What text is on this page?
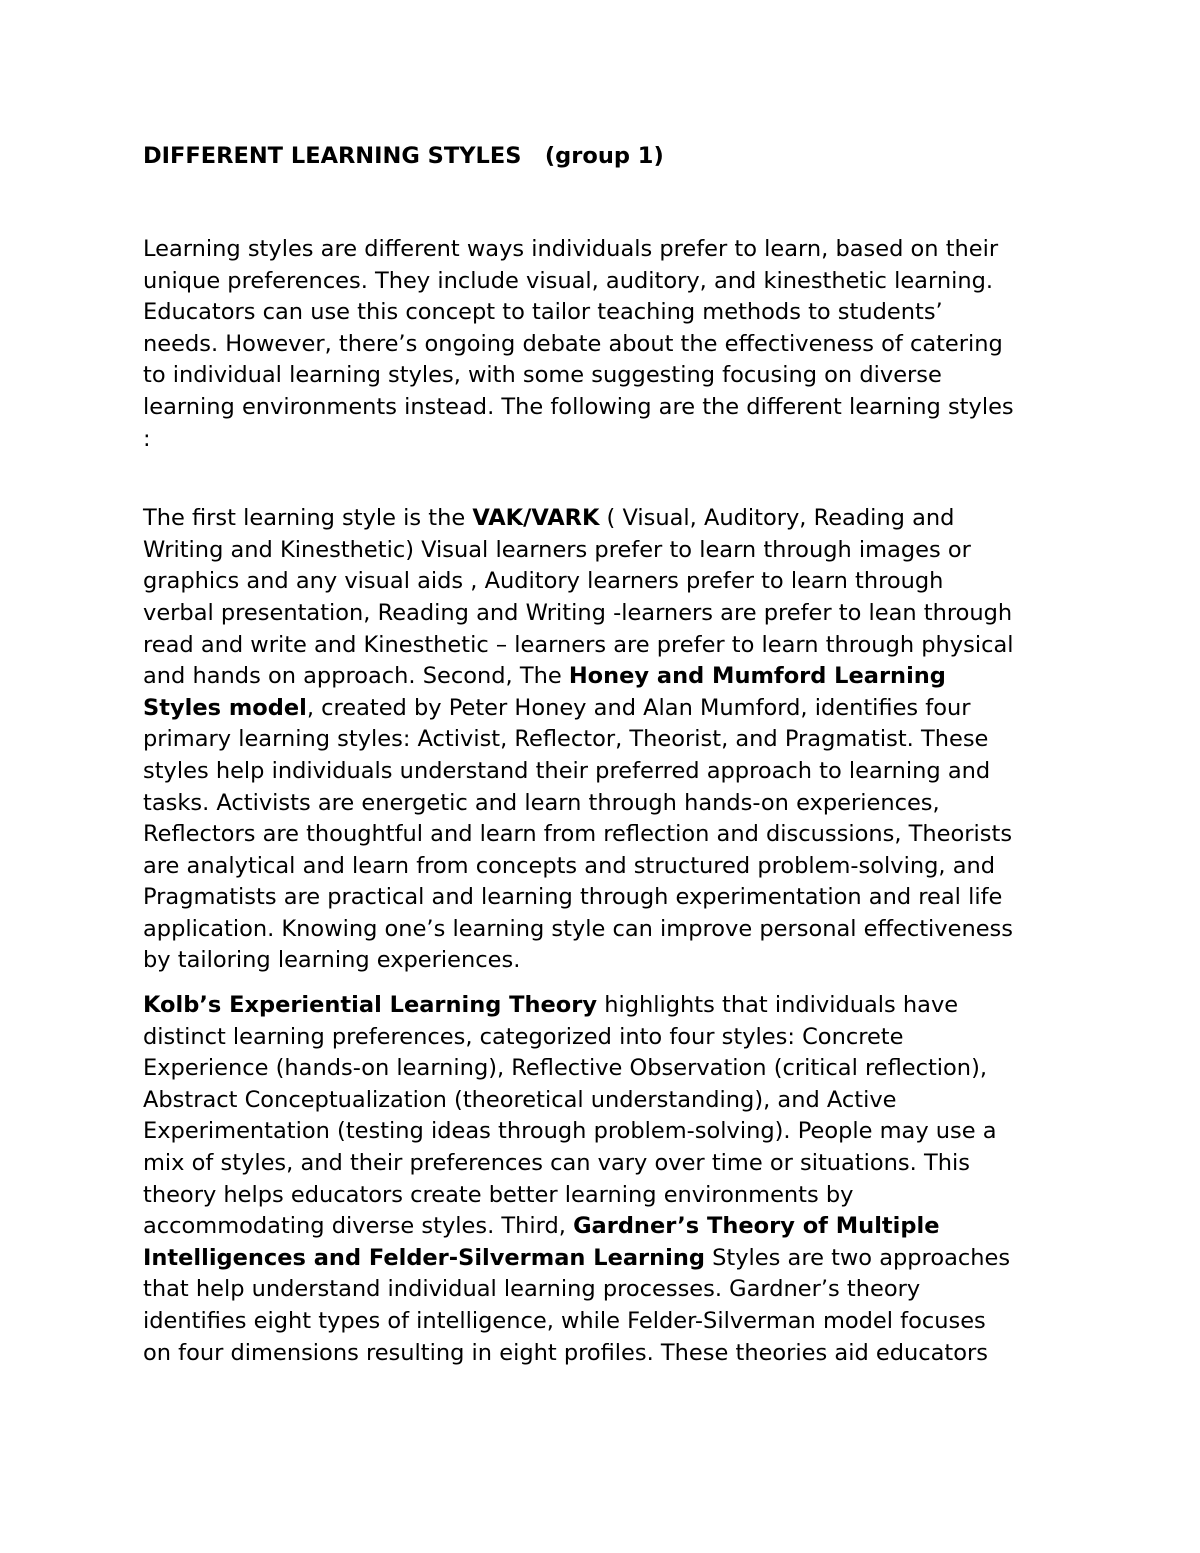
DIFFERENT LEARNING STYLES   (group 1)

Learning styles are different ways individuals prefer to learn, based on their
unique preferences. They include visual, auditory, and kinesthetic learning.
Educators can use this concept to tailor teaching methods to students’
needs. However, there’s ongoing debate about the effectiveness of catering
to individual learning styles, with some suggesting focusing on diverse
learning environments instead. The following are the different learning styles
:

The first learning style is the VAK/VARK ( Visual, Auditory, Reading and
Writing and Kinesthetic) Visual learners prefer to learn through images or
graphics and any visual aids , Auditory learners prefer to learn through
verbal presentation, Reading and Writing -learners are prefer to lean through
read and write and Kinesthetic – learners are prefer to learn through physical
and hands on approach. Second, The Honey and Mumford Learning
Styles model, created by Peter Honey and Alan Mumford, identifies four
primary learning styles: Activist, Reflector, Theorist, and Pragmatist. These
styles help individuals understand their preferred approach to learning and
tasks. Activists are energetic and learn through hands-on experiences,
Reflectors are thoughtful and learn from reflection and discussions, Theorists
are analytical and learn from concepts and structured problem-solving, and
Pragmatists are practical and learning through experimentation and real life
application. Knowing one’s learning style can improve personal effectiveness
by tailoring learning experiences.

Kolb’s Experiential Learning Theory highlights that individuals have
distinct learning preferences, categorized into four styles: Concrete
Experience (hands-on learning), Reflective Observation (critical reflection),
Abstract Conceptualization (theoretical understanding), and Active
Experimentation (testing ideas through problem-solving). People may use a
mix of styles, and their preferences can vary over time or situations. This
theory helps educators create better learning environments by
accommodating diverse styles. Third, Gardner’s Theory of Multiple
Intelligences and Felder-Silverman Learning Styles are two approaches
that help understand individual learning processes. Gardner’s theory
identifies eight types of intelligence, while Felder-Silverman model focuses
on four dimensions resulting in eight profiles. These theories aid educators
